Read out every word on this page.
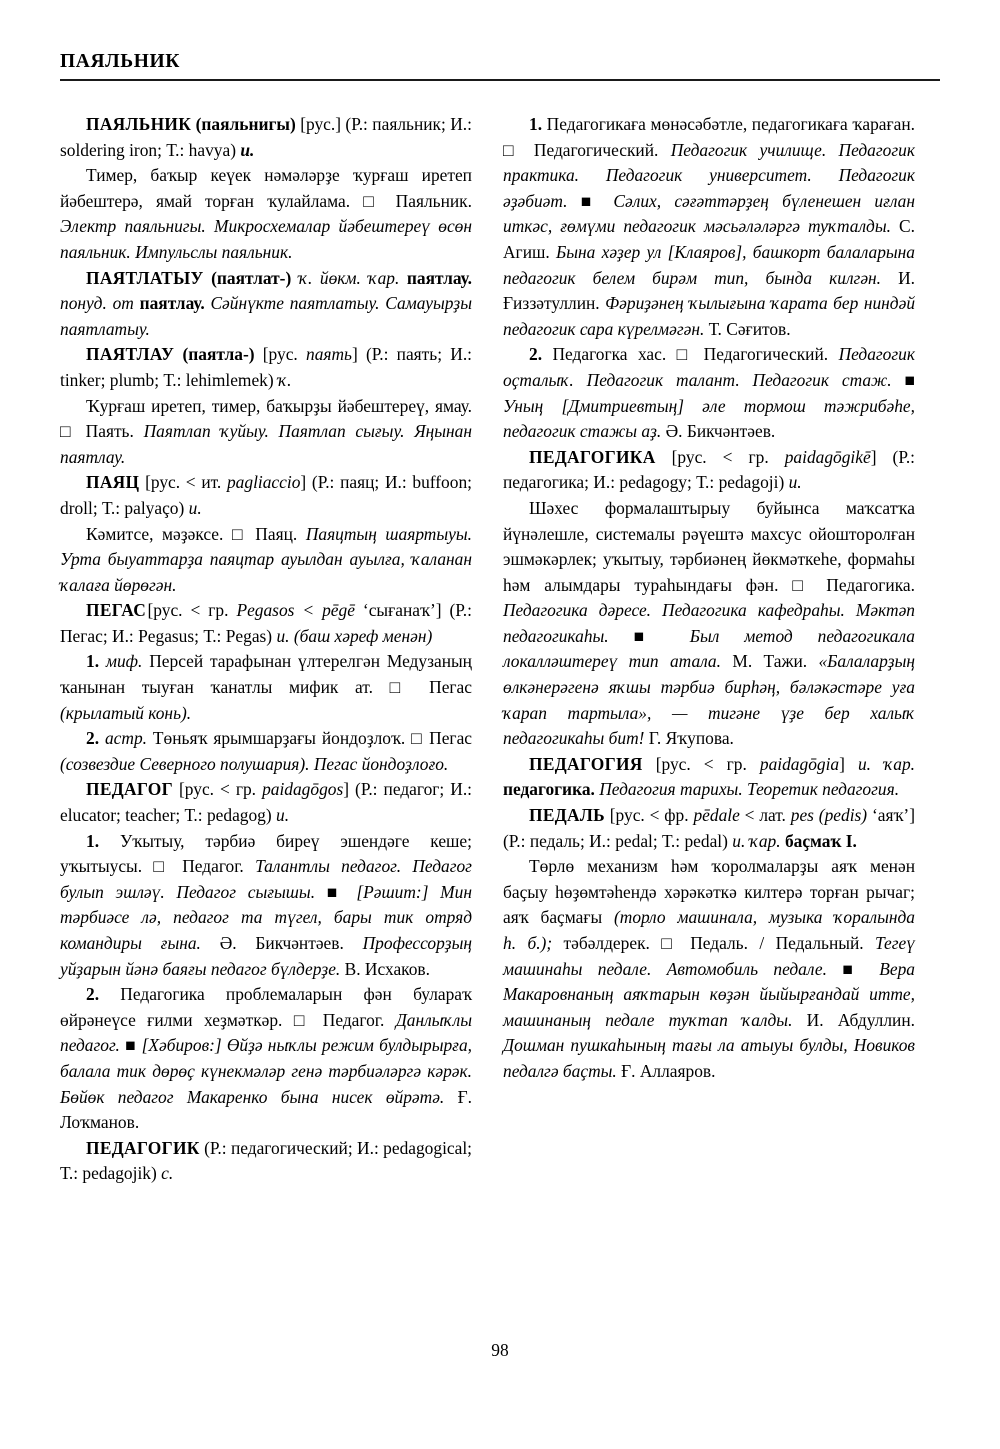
ПАЯЛЬНИК

ПАЯЛЬНИК (паяльнигы) [рус.] (Р.: паяльник; И.: soldering iron; Т.: havya) и.

Тимер, баҡыр кеүек нәмәләрҙе ҡурғаш иретеп йәбештерә, ямай торған ҡулайлама. □ Паяльник. Электр паяльнигы. Микросхемалар йәбештереү өсөн паяльник. Импульслы паяльник.

ПАЯТЛАТЫУ (паятлат-) ҡ. йөкм. ҡар. паятлау. понуд. от паятлау. Сәйнүкте паятлатыу. Самауырҙы паятлатыу.

ПАЯТЛАУ (паятла-) [рус. паять] (Р.: паять; И.: tinker; plumb; Т.: lehimlemek) ҡ.

Ҡурғаш иретеп, тимер, баҡырҙы йәбештереү, ямау. □ Паять. Паятлап ҡуйыу. Паятлап сығыу. Яңынан паятлау.

ПАЯЦ [рус. < ит. pagliaccio] (Р.: паяц; И.: buffoon; droll; Т.: palyaço) и.

Кәмитсе, мәҙәксе. □ Паяц. Паяцтың шаяртыуы. Урта быуаттарҙа паяцтар ауылдан ауылға, ҡаланан ҡалаға йөрөгән.

ПЕГАС [рус. < гр. Pegasos < pēgē ‘сығанаҡ’] (Р.: Пегас; И.: Pegasus; Т.: Pegas) и. (баш хәреф менән)

1. миф. Персей тарафынан үлтерелгән Медузаның ҡанынан тыуған ҡанатлы мифик ат. □ Пегас (крылатый конь).

2. астр. Төньяҡ ярымшарҙағы йондоҙлоҡ. □ Пегас (созвездие Северного полушария). Пегас йондоҙлоғо.

ПЕДАГОГ [рус. < гр. paidagōgos] (Р.: педагог; И.: elucator; teacher; Т.: pedagog) и.

1. Уҡытыу, тәрбиә биреү эшендәге кеше; уҡытыусы. □ Педагог. Талантлы педагог. Педагог булып эшләү. Педагог сығышы. ■ [Рәшит:] Мин тәрбиәсе лә, педагог та түгел, бары тик отряд командиры ғына. Ә. Бикчәнтәев. Профессорҙың уйҙарын йәнә баяғы педагог бүлдерҙе. В. Исхаков.

2. Педагогика проблемаларын фән булараҡ өйрәнеүсе ғилми хеҙмәткәр. □ Педагог. Данлыҡлы педагог. ■ [Хәбиров:] Өйҙә ныҡлы режим булдырырға, балала тик дөрөҫ күнекмәләр генә тәрбиәләргә кәрәк. Бөйөк педагог Макаренко бына нисек өйрәтә. Ғ. Лоҡманов.

ПЕДАГОГИК (Р.: педагогический; И.: pedagogical; Т.: pedagojik) с.

1. Педагогикаға мөнәсәбәтле, педагогикаға ҡараған. □ Педагогический. Педагогик училище. Педагогик практика. Педагогик университет. Педагогик әҙәбиәт. ■ Сәлих, сәғәттәрҙең бүленешен иғлан иткәс, ғөмүми педагогик мәсьәләләргә туҡталды. С. Агиш. Бына хәҙер ул [Клаяров], башкорт балаларына педагогик белем бирәм тип, бында килгән. И. Ғиззәтуллин. Фәриҙәнең ҡылығына ҡарата бер ниндәй педагогик сара күрелмәгән. Т. Сәғитов.

2. Педагогка хас. □ Педагогический. Педагогик оҫталыҡ. Педагогик талант. Педагогик стаж. ■ Уның [Дмитриевтың] әле тормош тәжрибәһе, педагогик стажы аҙ. Ә. Бикчәнтәев.

ПЕДАГОГИКА [рус. < гр. paidagōgikē] (Р.: педагогика; И.: pedagogy; Т.: pedagoji) и.

Шәхес формалаштырыу буйынса маҡсатҡа йүнәлешле, системалы рәүештә махсус ойошторолған эшмәкәрлек; уҡытыу, тәрбиәнең йөкмәткеһе, формаһы һәм алымдары тураһындағы фән. □ Педагогика. Педагогика дәресе. Педагогика кафедраһы. Мәктәп педагогикаһы. ■ Был метод педагогикала локалләштереү тип атала. М. Тажи. «Балаларҙың өлкәнерәгенә яҡшы тәрбиә бирһәң, бәләкәстәре уға ҡарап тартыла», — тигәне үҙе бер халыҡ педагогикаһы бит! Г. Яҡупова.

ПЕДАГОГИЯ [рус. < гр. paidagōgia] и. ҡар. педагогика. Педагогия тарихы. Теоретик педагогия.

ПЕДАЛЬ [рус. < фр. pēdale < лат. pes (pedis) ‘аяҡ’] (Р.: педаль; И.: pedal; Т.: pedal) и. ҡар. баҫмаҡ I.

Төрлө механизм һәм ҡоролмаларҙы аяҡ менән баҫыу һөҙөмтәһендә хәрәкәткә килтерә торған рычаг; аяҡ баҫмағы (торло машинала, музыка ҡоралында һ. б.); тәбәлдерек. □ Педаль. / Педальный. Тегеү машинаһы педале. Автомобиль педале. ■ Вера Макаровнаның аяҡтарын көҙән йыйырғандай итте, машинаның педале туҡтап ҡалды. И. Абдуллин. Дошман пушкаһының тағы ла атыуы булды, Новиков педалгә баҫты. Ғ. Аллаяров.

98
